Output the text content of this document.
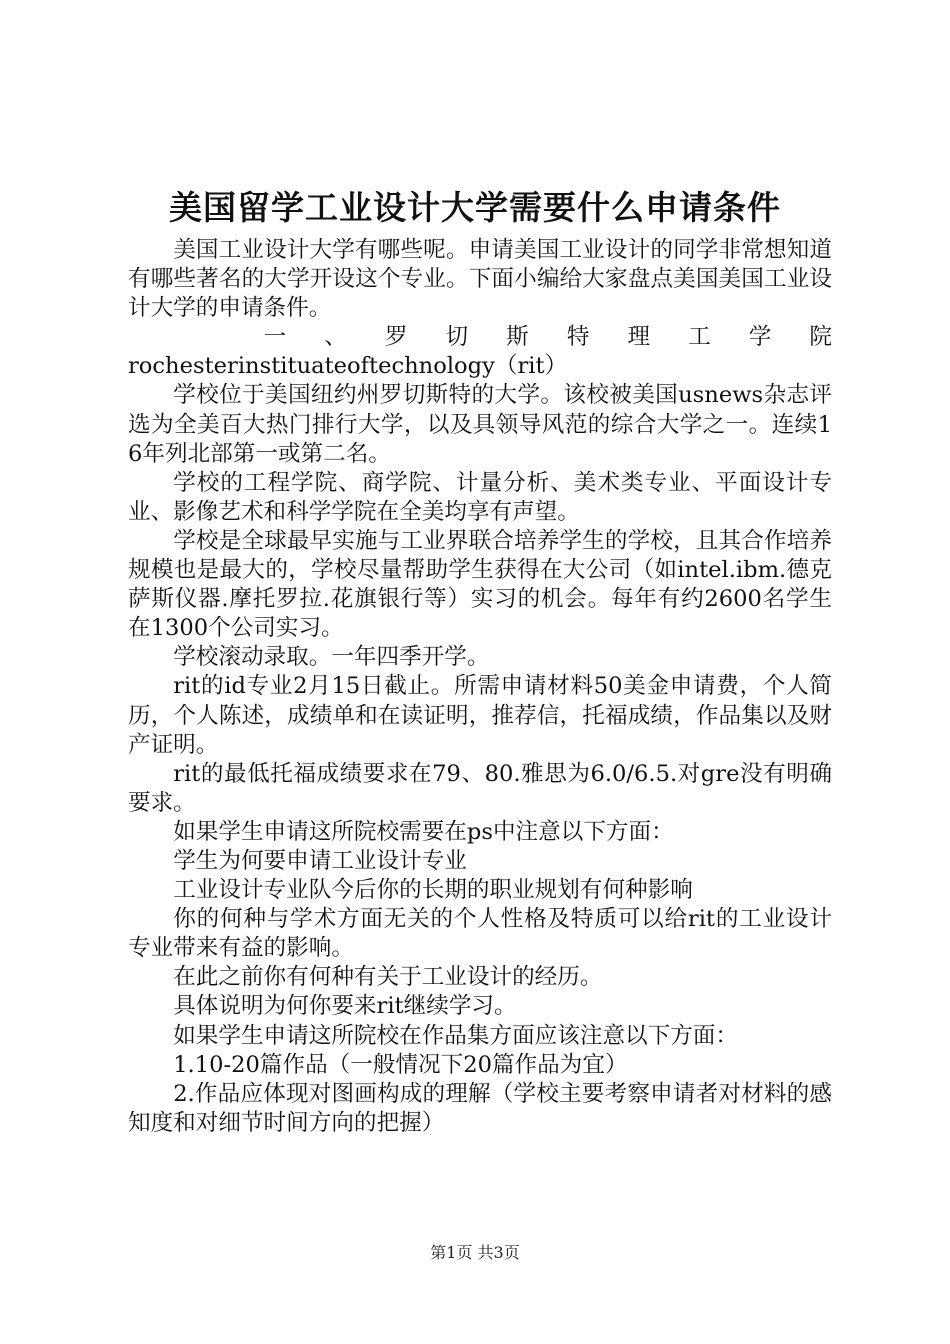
美国留学工业设计大学需要什么申请条件

美国工业设计大学有哪些呢。申请美国工业设计的同学非常想知道有哪些著名的大学开设这个专业。下面小编给大家盘点美国美国工业设计大学的申请条件。

一、罗切斯特理工学院

rochesterinstituateoftechnology（rit）

学校位于美国纽约州罗切斯特的大学。该校被美国usnews杂志评选为全美百大热门排行大学，以及具领导风范的综合大学之一。连续16年列北部第一或第二名。

学校的工程学院、商学院、计量分析、美术类专业、平面设计专业、影像艺术和科学学院在全美均享有声望。

学校是全球最早实施与工业界联合培养学生的学校，且其合作培养规模也是最大的，学校尽量帮助学生获得在大公司（如intel.ibm.德克萨斯仪器.摩托罗拉.花旗银行等）实习的机会。每年有约2600名学生在1300个公司实习。

学校滚动录取。一年四季开学。

rit的id专业2月15日截止。所需申请材料50美金申请费，个人简历，个人陈述，成绩单和在读证明，推荐信，托福成绩，作品集以及财产证明。

rit的最低托福成绩要求在79、80.雅思为6.0/6.5.对gre没有明确要求。

如果学生申请这所院校需要在ps中注意以下方面：

学生为何要申请工业设计专业

工业设计专业队今后你的长期的职业规划有何种影响

你的何种与学术方面无关的个人性格及特质可以给rit的工业设计专业带来有益的影响。

在此之前你有何种有关于工业设计的经历。

具体说明为何你要来rit继续学习。

如果学生申请这所院校在作品集方面应该注意以下方面：

1.10-20篇作品（一般情况下20篇作品为宜）

2.作品应体现对图画构成的理解（学校主要考察申请者对材料的感知度和对细节时间方向的把握）

第1页 共3页
